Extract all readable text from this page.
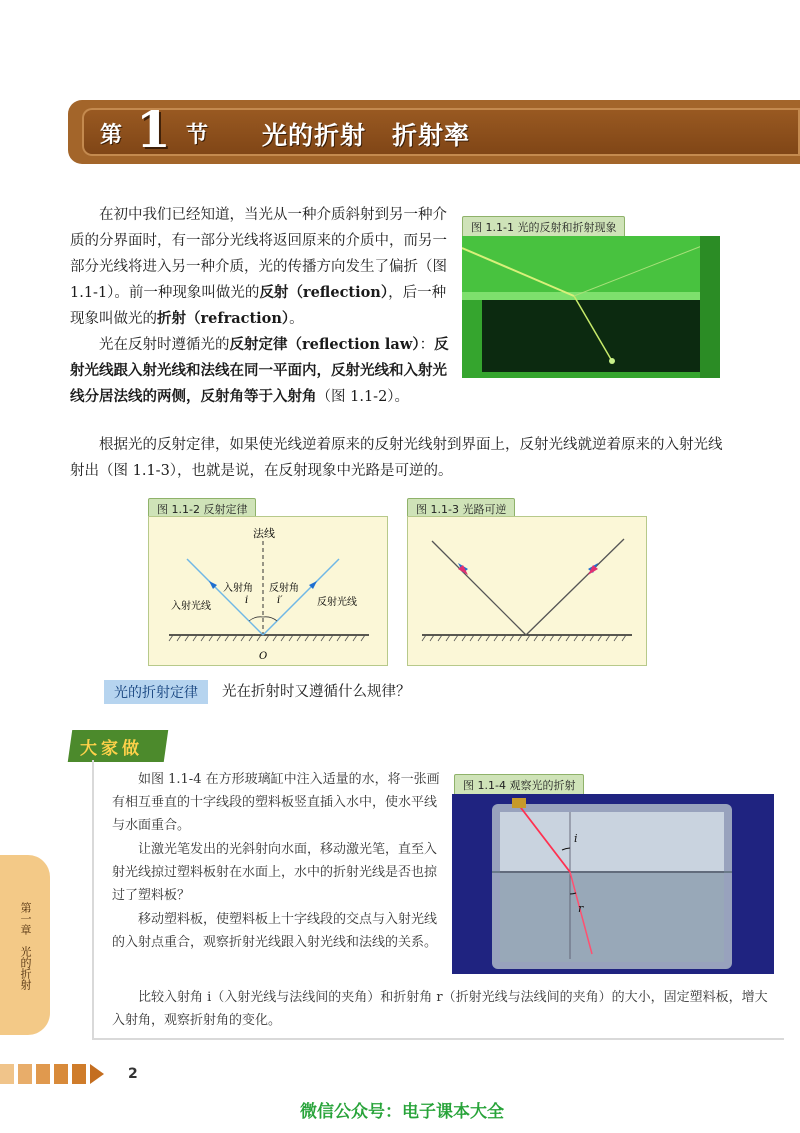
第 1 节 光的折射　折射率
在初中我们已经知道，当光从一种介质斜射到另一种介质的分界面时，有一部分光线将返回原来的介质中，而另一部分光线将进入另一种介质，光的传播方向发生了偏折（图 1.1-1）。前一种现象叫做光的反射（reflection），后一种现象叫做光的折射（refraction）。
光在反射时遵循光的反射定律（reflection law）：反射光线跟入射光线和法线在同一平面内，反射光线和入射光线分居法线的两侧，反射角等于入射角（图 1.1-2）。
根据光的反射定律，如果使光线逆着原来的反射光线射到界面上，反射光线就逆着原来的入射光线射出（图 1.1-3），也就是说，在反射现象中光路是可逆的。
图 1.1-1 光的反射和折射现象
图 1.1-2 反射定律
法线
入射角
i
反射角
i′
入射光线	反射光线
O
图 1.1-3 光路可逆
光的折射定律	光在折射时又遵循什么规律？
大家做
如图 1.1-4 在方形玻璃缸中注入适量的水，将一张画有相互垂直的十字线段的塑料板竖直插入水中，使水平线与水面重合。
让激光笔发出的光斜射向水面，移动激光笔，直至入射光线掠过塑料板射在水面上，水中的折射光线是否也掠过了塑料板？
移动塑料板，使塑料板上十字线段的交点与入射光线的入射点重合，观察折射光线跟入射光线和法线的关系。
比较入射角 i（入射光线与法线间的夹角）和折射角 r（折射光线与法线间的夹角）的大小，固定塑料板，增大入射角，观察折射角的变化。
图 1.1-4 观察光的折射
i
r
第一章　光的折射
2
微信公众号：电子课本大全
